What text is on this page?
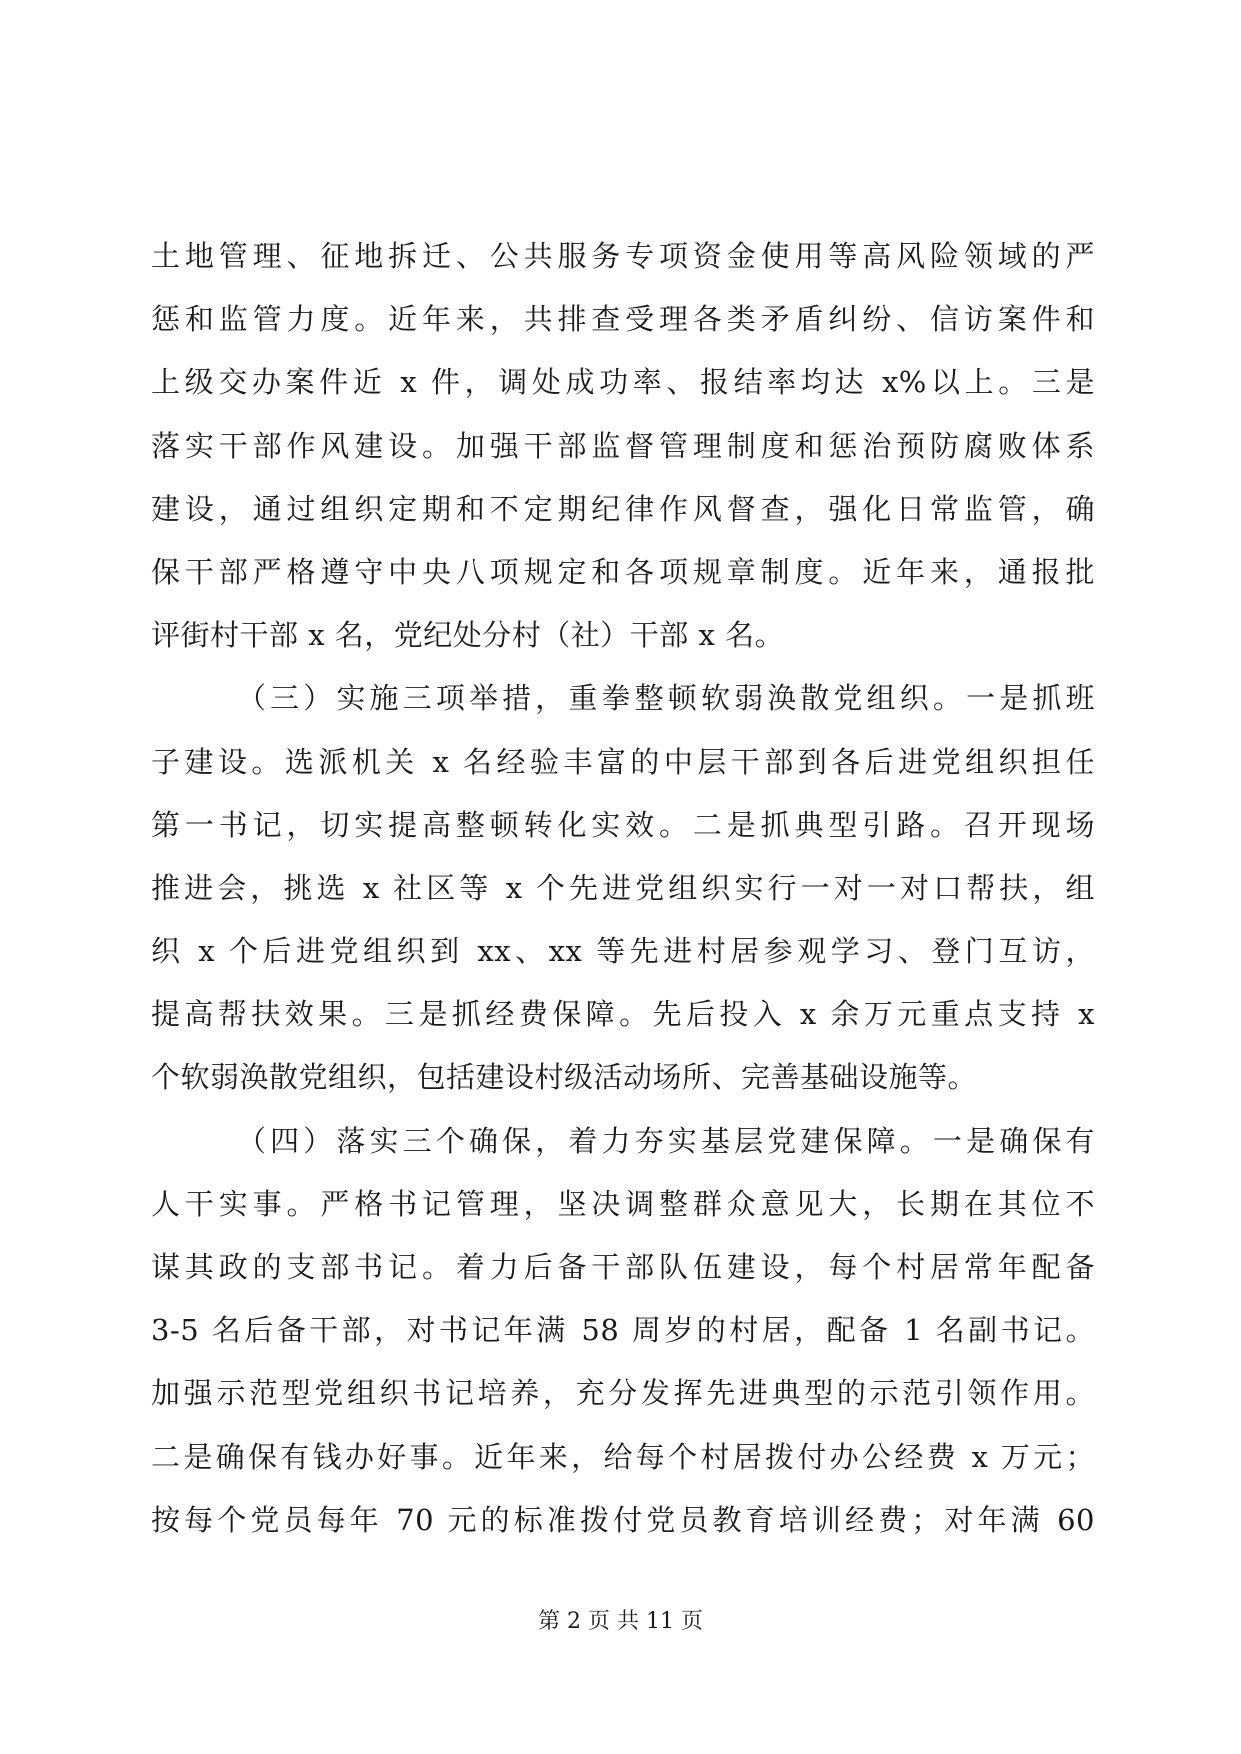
土地管理、征地拆迁、公共服务专项资金使用等高风险领域的严
惩和监管力度。近年来，共排查受理各类矛盾纠纷、信访案件和
上级交办案件近 x 件，调处成功率、报结率均达 x%以上。三是
落实干部作风建设。加强干部监督管理制度和惩治预防腐败体系
建设，通过组织定期和不定期纪律作风督查，强化日常监管，确
保干部严格遵守中央八项规定和各项规章制度。近年来，通报批
评街村干部 x 名，党纪处分村（社）干部 x 名。
（三）实施三项举措，重拳整顿软弱涣散党组织。一是抓班
子建设。选派机关 x 名经验丰富的中层干部到各后进党组织担任
第一书记，切实提高整顿转化实效。二是抓典型引路。召开现场
推进会，挑选 x 社区等 x 个先进党组织实行一对一对口帮扶，组
织 x 个后进党组织到 xx、xx 等先进村居参观学习、登门互访，
提高帮扶效果。三是抓经费保障。先后投入 x 余万元重点支持 x
个软弱涣散党组织，包括建设村级活动场所、完善基础设施等。
（四）落实三个确保，着力夯实基层党建保障。一是确保有
人干实事。严格书记管理，坚决调整群众意见大，长期在其位不
谋其政的支部书记。着力后备干部队伍建设，每个村居常年配备
3-5 名后备干部，对书记年满 58 周岁的村居，配备 1 名副书记。
加强示范型党组织书记培养，充分发挥先进典型的示范引领作用。
二是确保有钱办好事。近年来，给每个村居拨付办公经费 x 万元；
按每个党员每年 70 元的标准拨付党员教育培训经费；对年满 60
第 2 页 共 11 页
